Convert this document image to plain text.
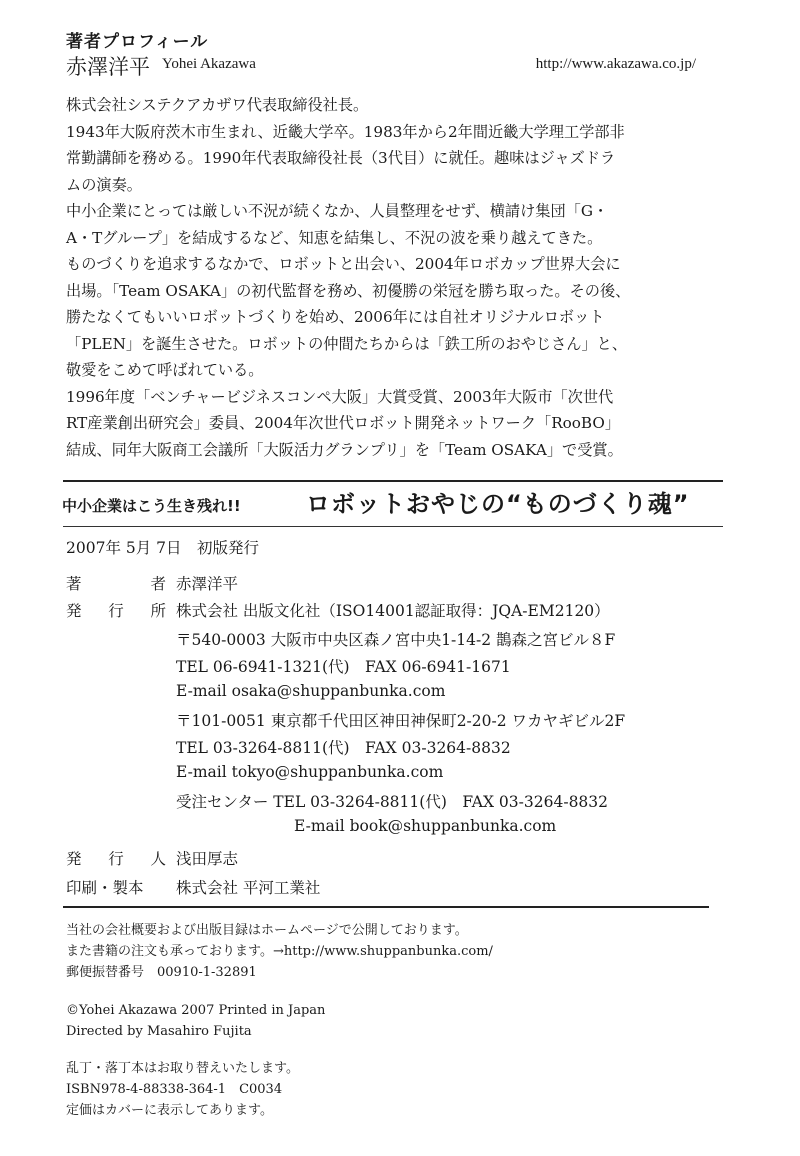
著者プロフィール
赤澤洋平 Yohei Akazawa	http://www.akazawa.co.jp/

株式会社システクアカザワ代表取締役社長。

1943年大阪府茨木市生まれ、近畿大学卒。1983年から2年間近畿大学理工学部非

常勤講師を務める。1990年代表取締役社長（3代目）に就任。趣味はジャズドラ

ムの演奏。

中小企業にとっては厳しい不況が続くなか、人員整理をせず、横請け集団「G・

A・Tグループ」を結成するなど、知恵を結集し、不況の波を乗り越えてきた。

ものづくりを追求するなかで、ロボットと出会い、2004年ロボカップ世界大会に

出場。「Team OSAKA」の初代監督を務め、初優勝の栄冠を勝ち取った。その後、

勝たなくてもいいロボットづくりを始め、2006年には自社オリジナルロボット

「PLEN」を誕生させた。ロボットの仲間たちからは「鉄工所のおやじさん」と、

敬愛をこめて呼ばれている。

1996年度「ベンチャービジネスコンペ大阪」大賞受賞、2003年大阪市「次世代

RT産業創出研究会」委員、2004年次世代ロボット開発ネットワーク「RooBO」

結成、同年大阪商工会議所「大阪活力グランプリ」を「Team OSAKA」で受賞。

中小企業はこう生き残れ!!	ロボットおやじの“ものづくり魂”
2007年 5月 7日　初版発行
著	者 赤澤洋平
発 行 所 株式会社 出版文化社（ISO14001認証取得：JQA-EM2120）
〒540-0003 大阪市中央区森ノ宮中央1-14-2 鵲森之宮ビル８F
TEL 06-6941-1321(代)　FAX 06-6941-1671
E-mail osaka@shuppanbunka.com
〒101-0051 東京都千代田区神田神保町2-20-2 ワカヤギビル2F
TEL 03-3264-8811(代)　FAX 03-3264-8832
E-mail tokyo@shuppanbunka.com
受注センター TEL 03-3264-8811(代)　FAX 03-3264-8832
E-mail book@shuppanbunka.com
発 行 人 浅田厚志
印刷・製本	株式会社 平河工業社

当社の会社概要および出版目録はホームページで公開しております。

また書籍の注文も承っております。→http://www.shuppanbunka.com/

郵便振替番号　00910-1-32891

©Yohei Akazawa 2007 Printed in Japan

Directed by Masahiro Fujita

乱丁・落丁本はお取り替えいたします。

ISBN978-4-88338-364-1　C0034

定価はカバーに表示してあります。
